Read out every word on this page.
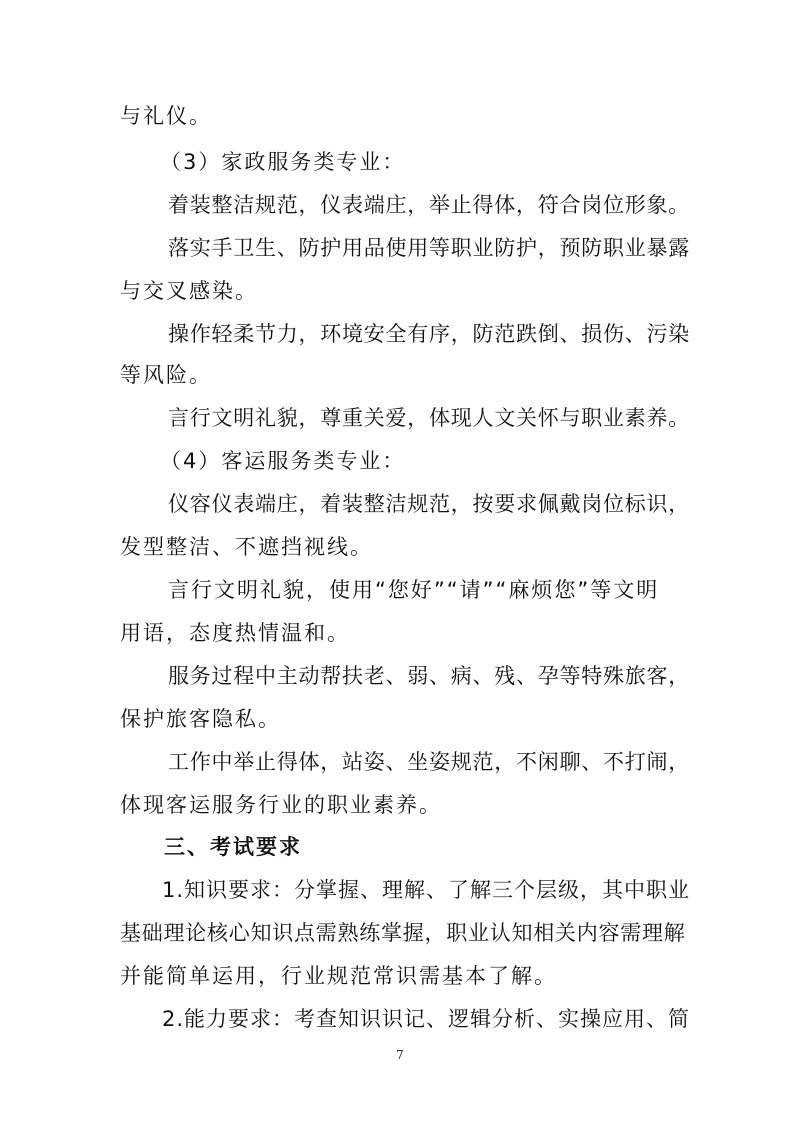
与礼仪。
（3）家政服务类专业：
着装整洁规范，仪表端庄，举止得体，符合岗位形象。
落实手卫生、防护用品使用等职业防护，预防职业暴露
与交叉感染。
操作轻柔节力，环境安全有序，防范跌倒、损伤、污染
等风险。
言行文明礼貌，尊重关爱，体现人文关怀与职业素养。
（4）客运服务类专业：
仪容仪表端庄，着装整洁规范，按要求佩戴岗位标识，
发型整洁、不遮挡视线。
言行文明礼貌，使用“您好”“请”“麻烦您”等文明
用语，态度热情温和。
服务过程中主动帮扶老、弱、病、残、孕等特殊旅客，
保护旅客隐私。
工作中举止得体，站姿、坐姿规范，不闲聊、不打闹，
体现客运服务行业的职业素养。
三、考试要求
1.知识要求：分掌握、理解、了解三个层级，其中职业
基础理论核心知识点需熟练掌握，职业认知相关内容需理解
并能简单运用，行业规范常识需基本了解。
2.能力要求：考查知识识记、逻辑分析、实操应用、简
7
